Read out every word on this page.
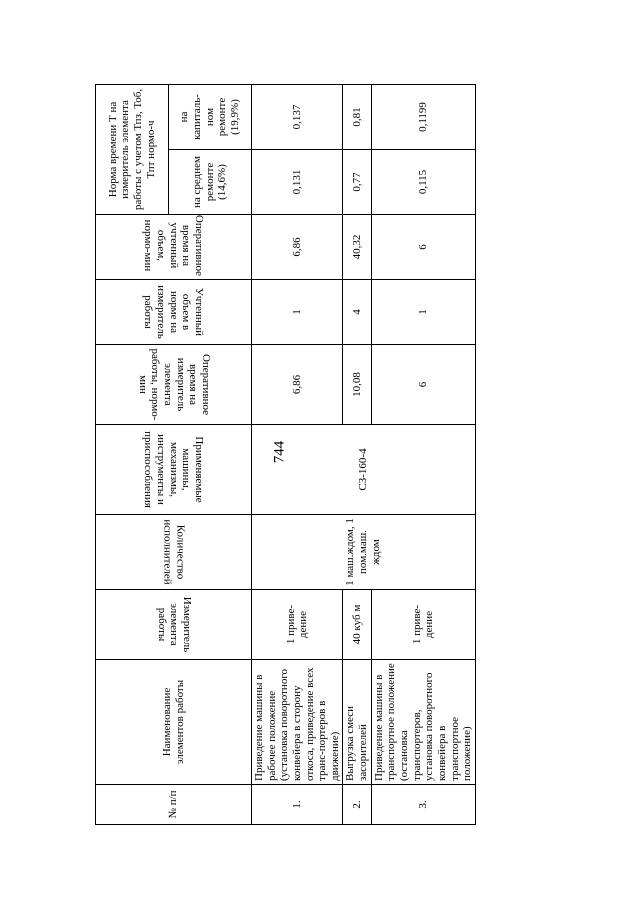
744
№ п/п	Наименование элементов работы	Измеритель элемента работы	Количество исполнителей	Применяемые машины, механизмы, инструменты и приспособления	Оперативное время на измеритель элемента работы, нормо-мин	Учтенный объем в норме на измеритель работы	Оперативное время на учтенный объем, нормо-мин	Норма времени Т на измеритель элемента работы с учетом Тпз, Тоб, Тпт нормо-ч	
								на среднем ремонте (14,6%)	на капиталь-ном ремонте (19,9%)
1.	Приведение машины в рабочее положение (установка поворотного конвейера в сторону откоса, приведение всех транс-портеров в движение)	1 приве-дение	1 маш.ждом, 1 пом.маш. ждом	СЗ-160-4	6,86	1	6,86	0,131	0,137
2.	Выгрузка смеси засорителей	40 куб м			10,08	4	40,32	0,77	0,81
3.	Приведение машины в транспортное положение (остановка транспортеров, установка поворотного конвейера в транспортное положение)	1 приве-дение			6	1	6	0,115	0,1199
